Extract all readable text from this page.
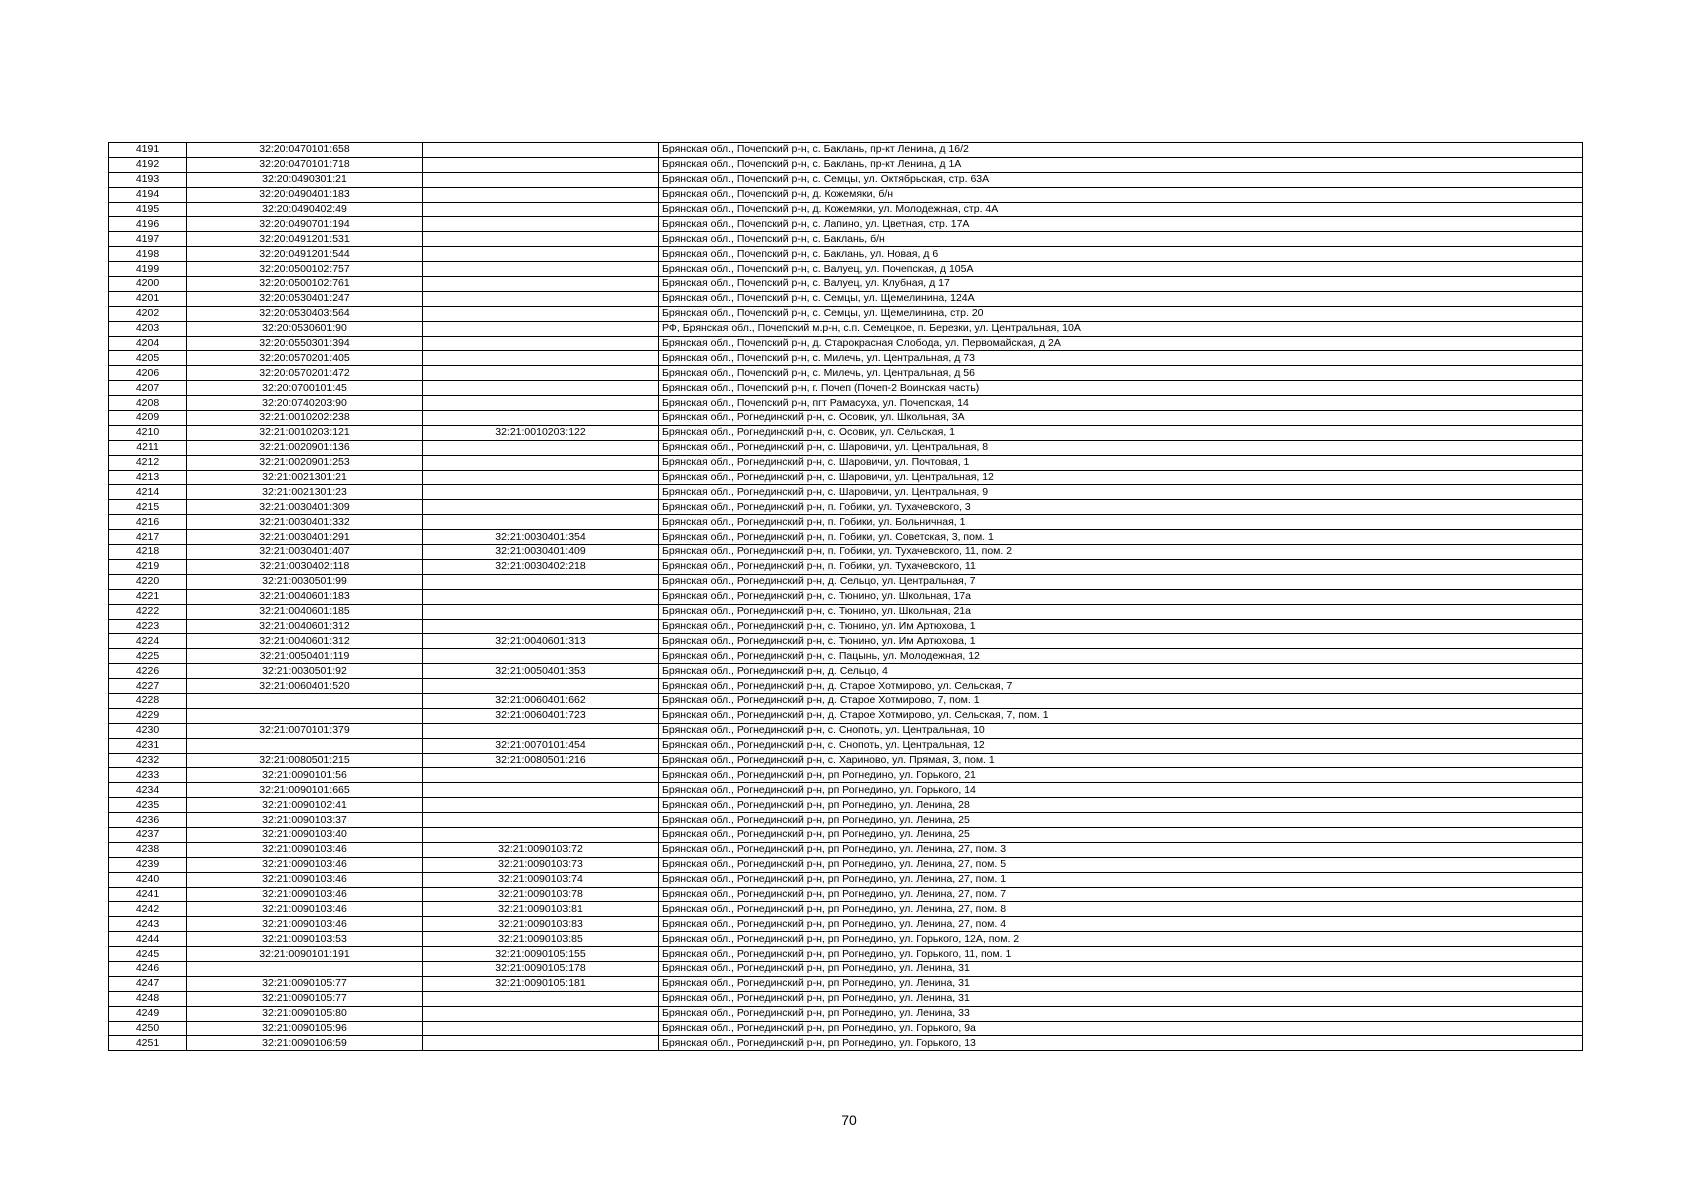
4191	32:20:0470101:658		Брянская обл., Почепский р-н, с. Баклань, пр-кт Ленина, д 16/2
4192	32:20:0470101:718		Брянская обл., Почепский р-н, с. Баклань, пр-кт Ленина, д 1А
4193	32:20:0490301:21		Брянская обл., Почепский р-н, с. Семцы, ул. Октябрьская, стр. 63А
4194	32:20:0490401:183		Брянская обл., Почепский р-н, д. Кожемяки, б/н
4195	32:20:0490402:49		Брянская обл., Почепский р-н, д. Кожемяки, ул. Молодежная, стр. 4А
4196	32:20:0490701:194		Брянская обл., Почепский р-н, с. Лапино, ул. Цветная, стр. 17А
4197	32:20:0491201:531		Брянская обл., Почепский р-н, с. Баклань, б/н
4198	32:20:0491201:544		Брянская обл., Почепский р-н, с. Баклань, ул. Новая, д 6
4199	32:20:0500102:757		Брянская обл., Почепский р-н, с. Валуец, ул. Почепская, д 105А
4200	32:20:0500102:761		Брянская обл., Почепский р-н, с. Валуец, ул. Клубная, д 17
4201	32:20:0530401:247		Брянская обл., Почепский р-н, с. Семцы, ул. Щемелинина, 124А
4202	32:20:0530403:564		Брянская обл., Почепский р-н, с. Семцы, ул. Щемелинина, стр. 20
4203	32:20:0530601:90		РФ, Брянская обл., Почепский м.р-н, с.п. Семецкое, п. Березки, ул. Центральная, 10А
4204	32:20:0550301:394		Брянская обл., Почепский р-н, д. Старокрасная Слобода, ул. Первомайская, д 2А
4205	32:20:0570201:405		Брянская обл., Почепский р-н, с. Милечь, ул. Центральная, д 73
4206	32:20:0570201:472		Брянская обл., Почепский р-н, с. Милечь, ул. Центральная, д 56
4207	32:20:0700101:45		Брянская обл., Почепский р-н, г. Почеп (Почеп-2 Воинская часть)
4208	32:20:0740203:90		Брянская обл., Почепский р-н, пгт Рамасуха, ул. Почепская, 14
4209	32:21:0010202:238		Брянская обл., Рогнединский р-н, с. Осовик, ул. Школьная, 3А
4210	32:21:0010203:121	32:21:0010203:122	Брянская обл., Рогнединский р-н, с. Осовик, ул. Сельская, 1
4211	32:21:0020901:136		Брянская обл., Рогнединский р-н, с. Шаровичи, ул. Центральная, 8
4212	32:21:0020901:253		Брянская обл., Рогнединский р-н, с. Шаровичи, ул. Почтовая, 1
4213	32:21:0021301:21		Брянская обл., Рогнединский р-н, с. Шаровичи, ул. Центральная, 12
4214	32:21:0021301:23		Брянская обл., Рогнединский р-н, с. Шаровичи, ул. Центральная, 9
4215	32:21:0030401:309		Брянская обл., Рогнединский р-н, п. Гобики, ул. Тухачевского, 3
4216	32:21:0030401:332		Брянская обл., Рогнединский р-н, п. Гобики, ул. Больничная, 1
4217	32:21:0030401:291	32:21:0030401:354	Брянская обл., Рогнединский р-н, п. Гобики, ул. Советская, 3, пом. 1
4218	32:21:0030401:407	32:21:0030401:409	Брянская обл., Рогнединский р-н, п. Гобики, ул. Тухачевского, 11, пом. 2
4219	32:21:0030402:118	32:21:0030402:218	Брянская обл., Рогнединский р-н, п. Гобики, ул. Тухачевского, 11
4220	32:21:0030501:99		Брянская обл., Рогнединский р-н, д. Сельцо, ул. Центральная, 7
4221	32:21:0040601:183		Брянская обл., Рогнединский р-н, с. Тюнино, ул. Школьная, 17а
4222	32:21:0040601:185		Брянская обл., Рогнединский р-н, с. Тюнино, ул. Школьная, 21а
4223	32:21:0040601:312		Брянская обл., Рогнединский р-н, с. Тюнино, ул. Им Артюхова, 1
4224	32:21:0040601:312	32:21:0040601:313	Брянская обл., Рогнединский р-н, с. Тюнино, ул. Им Артюхова, 1
4225	32:21:0050401:119		Брянская обл., Рогнединский р-н, с. Пацынь, ул. Молодежная, 12
4226	32:21:0030501:92	32:21:0050401:353	Брянская обл., Рогнединский р-н, д. Сельцо, 4
4227	32:21:0060401:520		Брянская обл., Рогнединский р-н, д. Старое Хотмирово, ул. Сельская, 7
4228		32:21:0060401:662	Брянская обл., Рогнединский р-н, д. Старое Хотмирово, 7, пом. 1
4229		32:21:0060401:723	Брянская обл., Рогнединский р-н, д. Старое Хотмирово, ул. Сельская, 7, пом. 1
4230	32:21:0070101:379		Брянская обл., Рогнединский р-н, с. Снопоть, ул. Центральная, 10
4231		32:21:0070101:454	Брянская обл., Рогнединский р-н, с. Снопоть, ул. Центральная, 12
4232	32:21:0080501:215	32:21:0080501:216	Брянская обл., Рогнединский р-н, с. Хариново, ул. Прямая, 3, пом. 1
4233	32:21:0090101:56		Брянская обл., Рогнединский р-н, рп Рогнедино, ул. Горького, 21
4234	32:21:0090101:665		Брянская обл., Рогнединский р-н, рп Рогнедино, ул. Горького, 14
4235	32:21:0090102:41		Брянская обл., Рогнединский р-н, рп Рогнедино, ул. Ленина, 28
4236	32:21:0090103:37		Брянская обл., Рогнединский р-н, рп Рогнедино, ул. Ленина, 25
4237	32:21:0090103:40		Брянская обл., Рогнединский р-н, рп Рогнедино, ул. Ленина, 25
4238	32:21:0090103:46	32:21:0090103:72	Брянская обл., Рогнединский р-н, рп Рогнедино, ул. Ленина, 27, пом. 3
4239	32:21:0090103:46	32:21:0090103:73	Брянская обл., Рогнединский р-н, рп Рогнедино, ул. Ленина, 27, пом. 5
4240	32:21:0090103:46	32:21:0090103:74	Брянская обл., Рогнединский р-н, рп Рогнедино, ул. Ленина, 27, пом. 1
4241	32:21:0090103:46	32:21:0090103:78	Брянская обл., Рогнединский р-н, рп Рогнедино, ул. Ленина, 27, пом. 7
4242	32:21:0090103:46	32:21:0090103:81	Брянская обл., Рогнединский р-н, рп Рогнедино, ул. Ленина, 27, пом. 8
4243	32:21:0090103:46	32:21:0090103:83	Брянская обл., Рогнединский р-н, рп Рогнедино, ул. Ленина, 27, пом. 4
4244	32:21:0090103:53	32:21:0090103:85	Брянская обл., Рогнединский р-н, рп Рогнедино, ул. Горького, 12А, пом. 2
4245	32:21:0090101:191	32:21:0090105:155	Брянская обл., Рогнединский р-н, рп Рогнедино, ул. Горького, 11, пом. 1
4246		32:21:0090105:178	Брянская обл., Рогнединский р-н, рп Рогнедино, ул. Ленина, 31
4247	32:21:0090105:77	32:21:0090105:181	Брянская обл., Рогнединский р-н, рп Рогнедино, ул. Ленина, 31
4248	32:21:0090105:77		Брянская обл., Рогнединский р-н, рп Рогнедино, ул. Ленина, 31
4249	32:21:0090105:80		Брянская обл., Рогнединский р-н, рп Рогнедино, ул. Ленина, 33
4250	32:21:0090105:96		Брянская обл., Рогнединский р-н, рп Рогнедино, ул. Горького, 9а
4251	32:21:0090106:59		Брянская обл., Рогнединский р-н, рп Рогнедино, ул. Горького, 13
70
